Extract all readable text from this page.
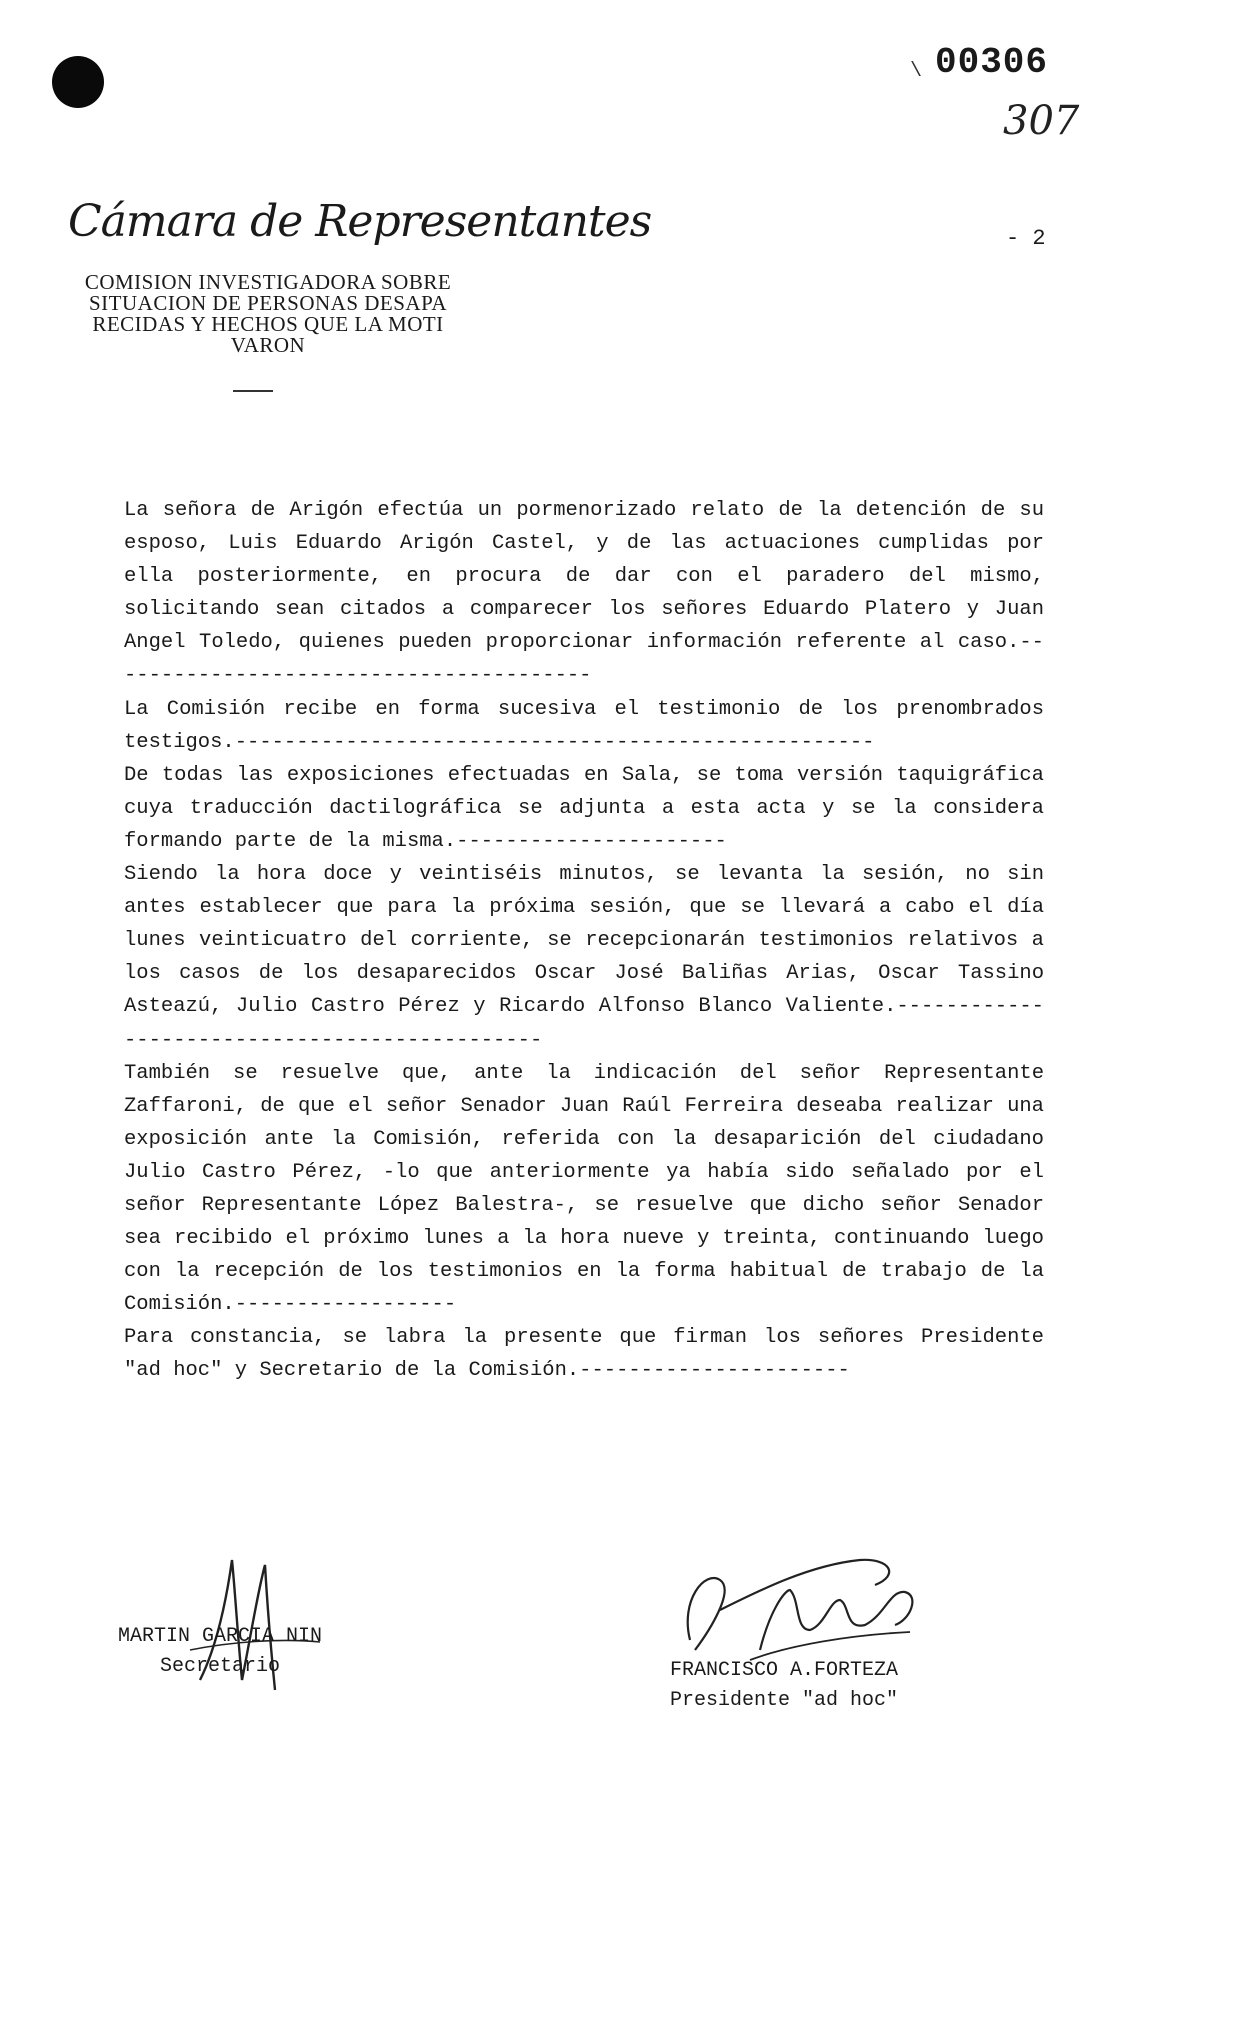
\ 00306
307
Cámara de Representantes	- 2
COMISION INVESTIGADORA SOBRE
SITUACION DE PERSONAS DESAPA
RECIDAS Y HECHOS QUE LA MOTI
VARON

La señora de Arigón efectúa un pormenorizado relato de la detención de su esposo, Luis Eduardo Arigón Castel, y de las actuaciones cumplidas por ella posteriormente, en procura de dar con el paradero del mismo, solicitando sean citados a comparecer los señores Eduardo Platero y Juan Angel Toledo, quienes pueden proporcionar información referente al caso.----------------------------------------

La Comisión recibe en forma sucesiva el testimonio de los prenombrados testigos.----------------------------------------------------

De todas las exposiciones efectuadas en Sala, se toma versión taquigráfica cuya traducción dactilográfica se adjunta a esta acta y se la considera formando parte de la misma.----------------------

Siendo la hora doce y veintiséis minutos, se levanta la sesión, no sin antes establecer que para la próxima sesión, que se llevará a cabo el día lunes veinticuatro del corriente, se recepcionarán testimonios relativos a los casos de los desaparecidos Oscar José Baliñas Arias, Oscar Tassino Asteazú, Julio Castro Pérez y Ricardo Alfonso Blanco Valiente.----------------------------------------------

También se resuelve que, ante la indicación del señor Representante Zaffaroni, de que el señor Senador Juan Raúl Ferreira deseaba realizar una exposición ante la Comisión, referida con la desaparición del ciudadano Julio Castro Pérez, -lo que anteriormente ya había sido señalado por el señor Representante López Balestra-, se resuelve que dicho señor Senador sea recibido el próximo lunes a la hora nueve y treinta, continuando luego con la recepción de los testimonios en la forma habitual de trabajo de la Comisión.------------------

Para constancia, se labra la presente que firman los señores Presidente "ad hoc" y Secretario de la Comisión.----------------------

FRANCISCO A.FORTEZA
Presidente "ad hoc"
MARTIN GARCIA NIN
Secretario
